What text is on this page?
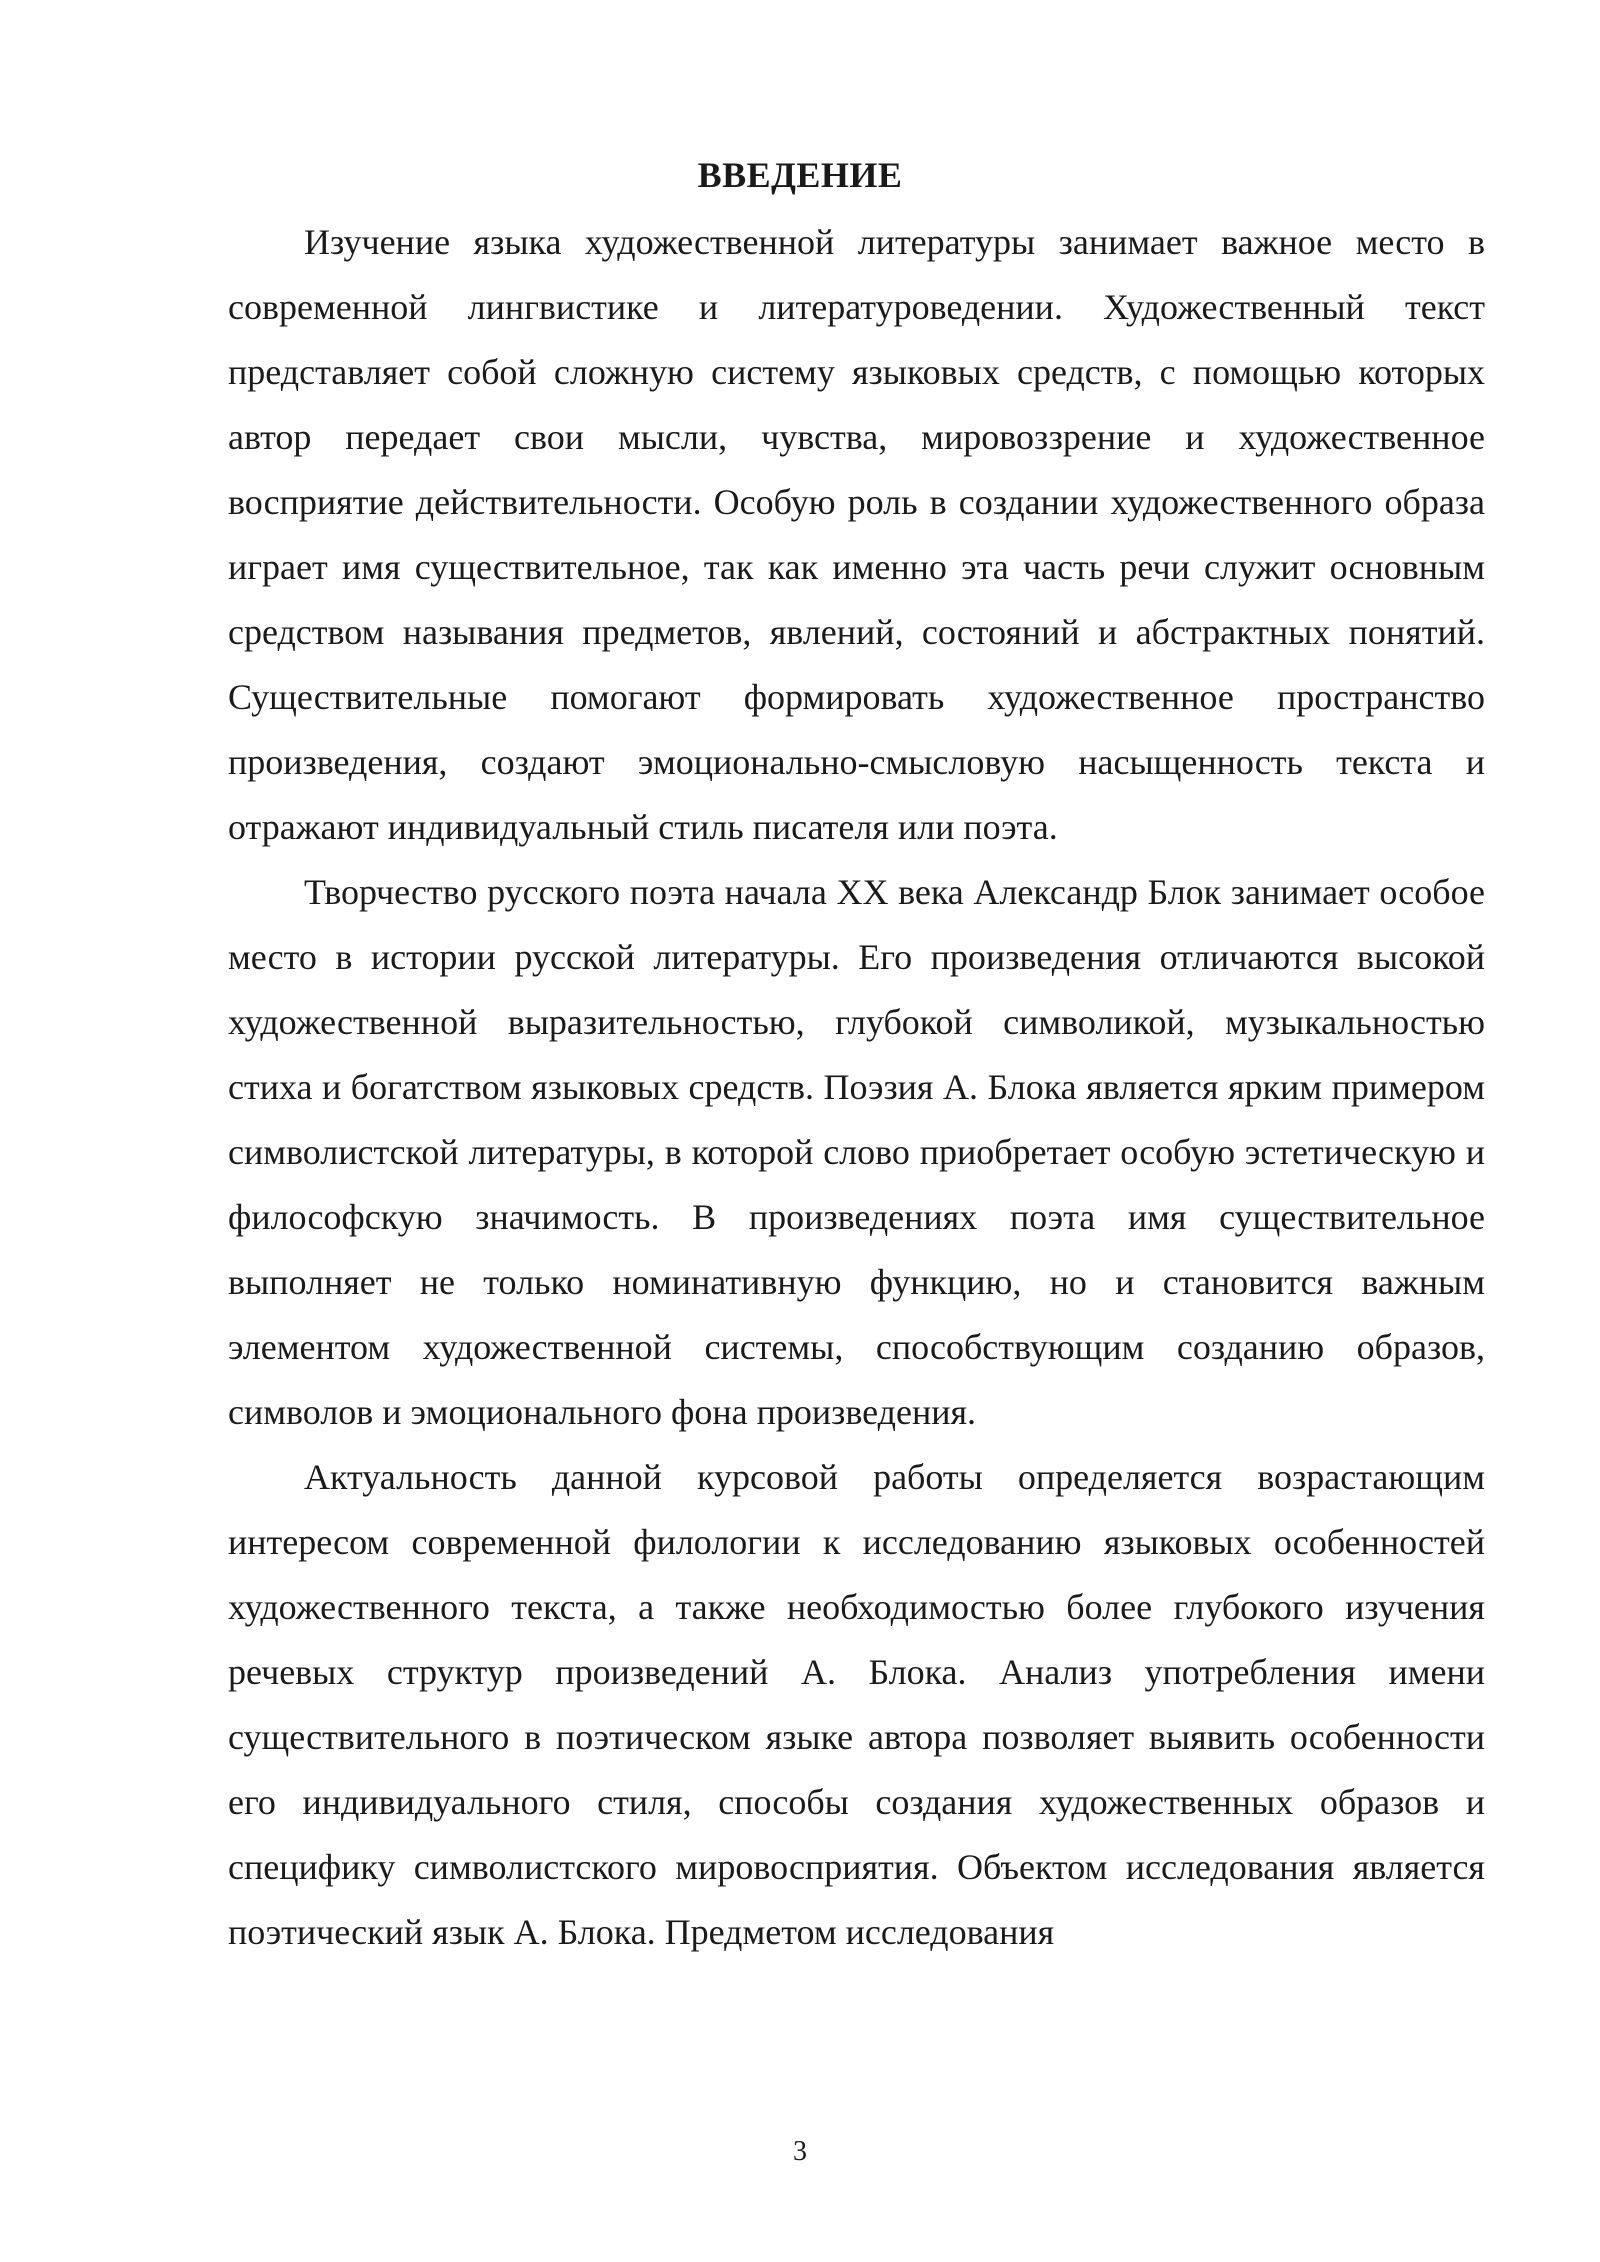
ВВЕДЕНИЕ

Изучение языка художественной литературы занимает важное место в современной лингвистике и литературоведении. Художественный текст представляет собой сложную систему языковых средств, с помощью которых автор передает свои мысли, чувства, мировоззрение и художественное восприятие действительности. Особую роль в создании художественного образа играет имя существительное, так как именно эта часть речи служит основным средством называния предметов, явлений, состояний и абстрактных понятий. Существительные помогают формировать художественное пространство произведения, создают эмоционально-смысловую насыщенность текста и отражают индивидуальный стиль писателя или поэта.

Творчество русского поэта начала XX века Александр Блок занимает особое место в истории русской литературы. Его произведения отличаются высокой художественной выразительностью, глубокой символикой, музыкальностью стиха и богатством языковых средств. Поэзия А. Блока является ярким примером символистской литературы, в которой слово приобретает особую эстетическую и философскую значимость. В произведениях поэта имя существительное выполняет не только номинативную функцию, но и становится важным элементом художественной системы, способствующим созданию образов, символов и эмоционального фона произведения.

Актуальность данной курсовой работы определяется возрастающим интересом современной филологии к исследованию языковых особенностей художественного текста, а также необходимостью более глубокого изучения речевых структур произведений А. Блока. Анализ употребления имени существительного в поэтическом языке автора позволяет выявить особенности его индивидуального стиля, способы создания художественных образов и специфику символистского мировосприятия. Объектом исследования является поэтический язык А. Блока. Предметом исследования

3
